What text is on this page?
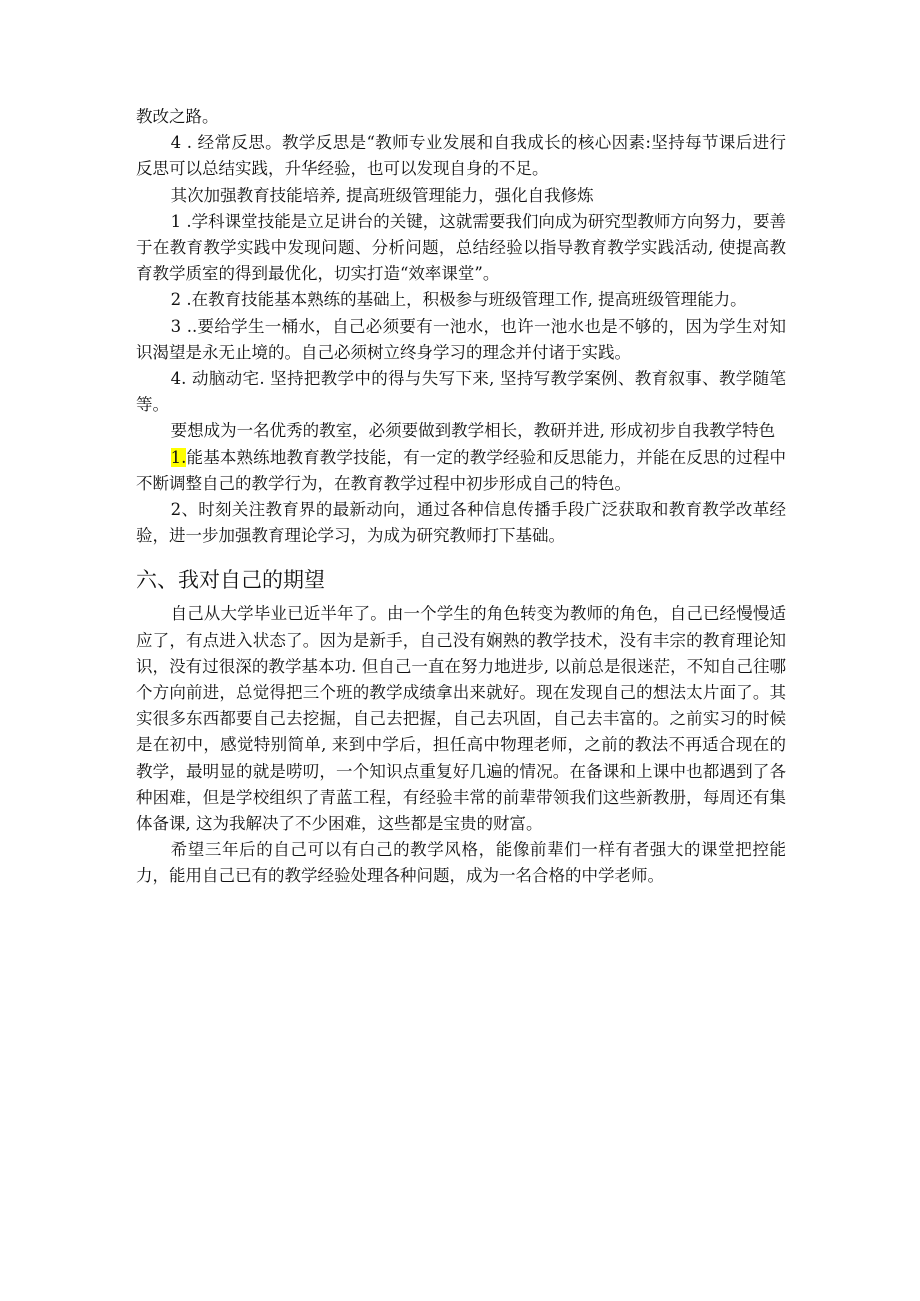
教改之路。

4 . 经常反思。教学反思是“教师专业发展和自我成长的核心因素:坚持每节课后进行反思可以总结实践，升华经验，也可以发现自身的不足。

其次加强教育技能培养, 提高班级管理能力，强化自我修炼

1 .学科课堂技能是立足讲台的关键，这就需要我们向成为研究型教师方向努力，要善于在教育教学实践中发现问题、分析问题，总结经验以指导教育教学实践活动, 使提高教育教学质室的得到最优化，切实打造“效率课堂”。

2 .在教育技能基本熟练的基础上，积极参与班级管理工作, 提高班级管理能力。

3 ..要给学生一桶水，自己必须要有一池水，也许一池水也是不够的，因为学生对知识渴望是永无止境的。自己必须树立终身学习的理念并付诸于实践。

4. 动脑动宅. 坚持把教学中的得与失写下来, 坚持写教学案例、教育叙事、教学随笔等。

要想成为一名优秀的教室，必须要做到教学相长，教研并进, 形成初步自我教学特色

1.能基本熟练地教育教学技能，有一定的教学经验和反思能力，并能在反思的过程中不断调整自己的教学行为，在教育教学过程中初步形成自己的特色。

2、时刻关注教育界的最新动向，通过各种信息传播手段广泛获取和教育教学改革经验，进一步加强教育理论学习，为成为研究教师打下基础。

六、我对自己的期望

自己从大学毕业已近半年了。由一个学生的角色转变为教师的角色，自己已经慢慢适应了，有点进入状态了。因为是新手，自己没有娴熟的教学技术，没有丰宗的教育理论知识，没有过很深的教学基本功. 但自己一直在努力地进步, 以前总是很迷茫，不知自己往哪个方向前进，总觉得把三个班的教学成绩拿出来就好。现在发现自己的想法太片面了。其实很多东西都要自己去挖掘，自己去把握，自己去巩固，自己去丰富的。之前实习的时候是在初中，感觉特别简单, 来到中学后，担任高中物理老师，之前的教法不再适合现在的教学，最明显的就是唠叨，一个知识点重复好几遍的情况。在备课和上课中也都遇到了各种困难，但是学校组织了青蓝工程，有经验丰常的前辈带领我们这些新教册，每周还有集体备课, 这为我解决了不少困难，这些都是宝贵的财富。

希望三年后的自己可以有白己的教学风格，能像前辈们一样有者强大的课堂把控能力，能用自己已有的教学经验处理各种问题，成为一名合格的中学老师。
